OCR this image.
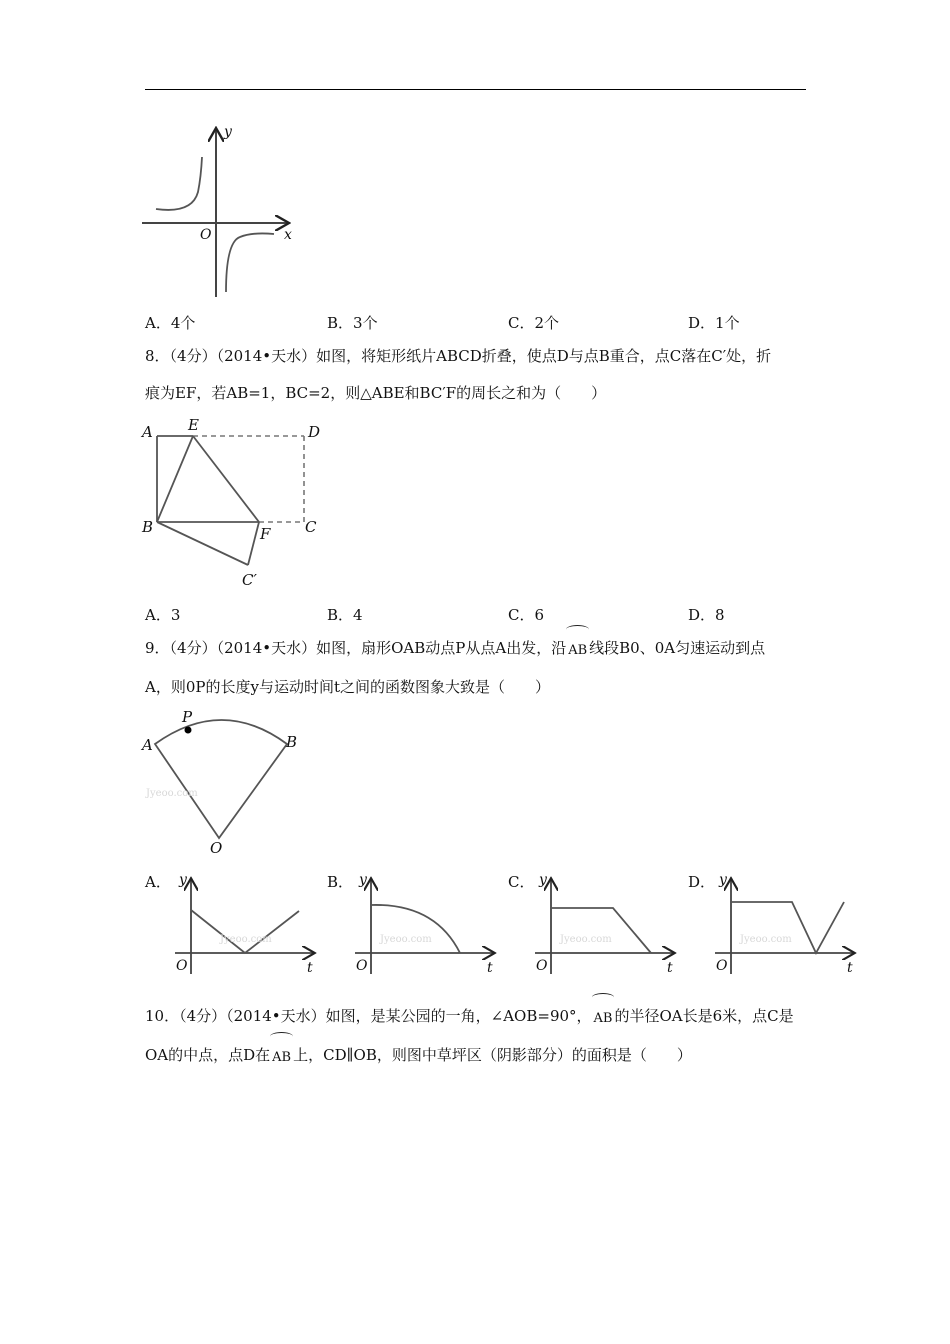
y
x
O
A．4个	B．3个	C．2个	D．1个
8．（4分）（2014•天水）如图，将矩形纸片ABCD折叠，使点D与点B重合，点C落在C′处，折
痕为EF，若AB=1，BC=2，则△ABE和BC′F的周长之和为（　　）
A E	D
B	F C
C′
A．3	B．4	C．6	D．8
9．（4分）（2014•天水）如图，扇形OAB动点P从点A出发，沿 AB 线段B0、0A匀速运动到点
A，则0P的长度y与运动时间t之间的函数图象大致是（　　）
Jyeoo.com
P
A	B
O
A．
Jyeoo.com
y
t
O
B．
Jyeoo.com
y
t
O
C．
Jyeoo.com
y
t
O
D．
Jyeoo.com
y
t
O
10．（4分）（2014•天水）如图，是某公园的一角，∠AOB=90°， AB 的半径OA长是6米，点C是
OA的中点，点D在 AB 上，CD∥OB，则图中草坪区（阴影部分）的面积是（　　）
